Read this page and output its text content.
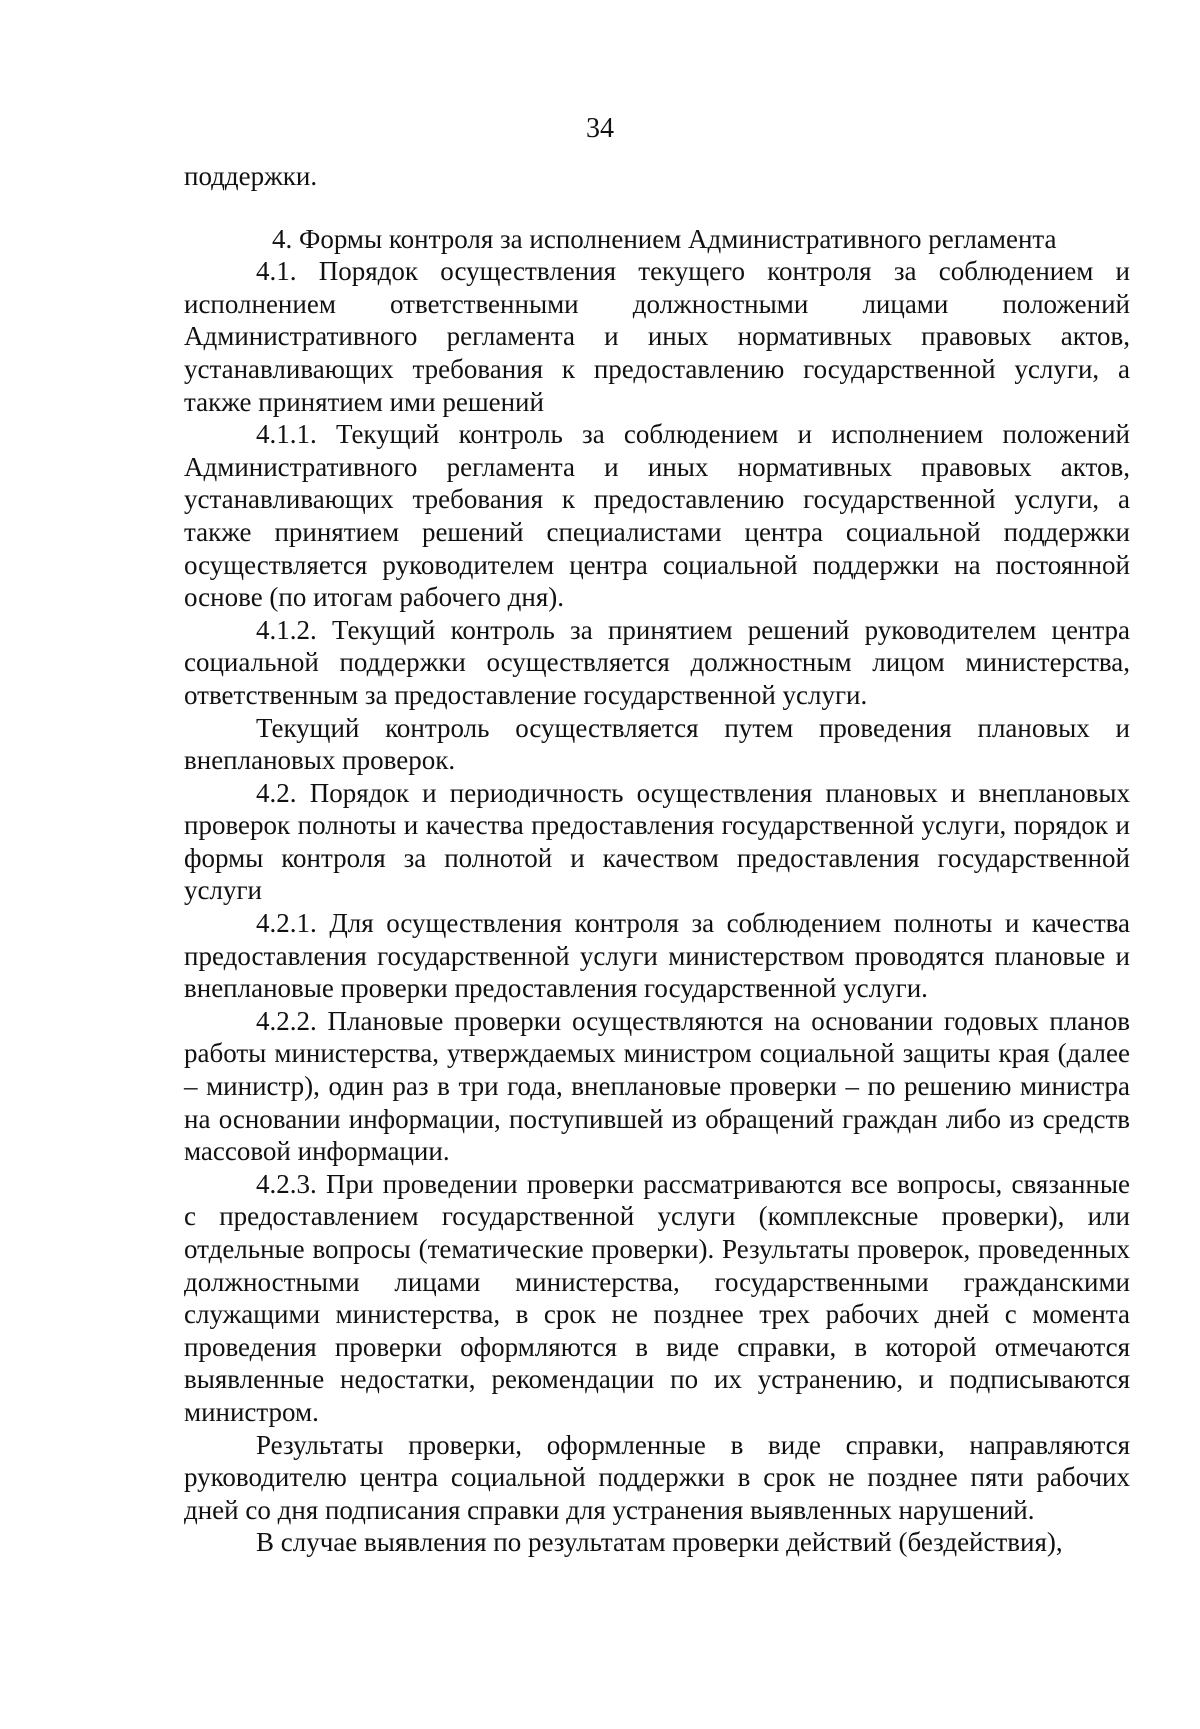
34

поддержки.

4. Формы контроля за исполнением Административного регламента

4.1. Порядок осуществления текущего контроля за соблюдением и исполнением ответственными должностными лицами положений Административного регламента и иных нормативных правовых актов, устанавливающих требования к предоставлению государственной услуги, а также принятием ими решений

4.1.1. Текущий контроль за соблюдением и исполнением положений Административного регламента и иных нормативных правовых актов, устанавливающих требования к предоставлению государственной услуги, а также принятием решений специалистами центра социальной поддержки осуществляется руководителем центра социальной поддержки на постоянной основе (по итогам рабочего дня).

4.1.2. Текущий контроль за принятием решений руководителем центра социальной поддержки осуществляется должностным лицом министерства, ответственным за предоставление государственной услуги.

Текущий контроль осуществляется путем проведения плановых и внеплановых проверок.

4.2. Порядок и периодичность осуществления плановых и внеплановых проверок полноты и качества предоставления государственной услуги, порядок и формы контроля за полнотой и качеством предоставления государственной услуги

4.2.1. Для осуществления контроля за соблюдением полноты и качества предоставления государственной услуги министерством проводятся плановые и внеплановые проверки предоставления государственной услуги.

4.2.2. Плановые проверки осуществляются на основании годовых планов работы министерства, утверждаемых министром социальной защиты края (далее – министр), один раз в три года, внеплановые проверки – по решению министра на основании информации, поступившей из обращений граждан либо из средств массовой информации.

4.2.3. При проведении проверки рассматриваются все вопросы, связанные с предоставлением государственной услуги (комплексные проверки), или отдельные вопросы (тематические проверки). Результаты проверок, проведенных должностными лицами министерства, государственными гражданскими служащими министерства, в срок не позднее трех рабочих дней с момента проведения проверки оформляются в виде справки, в которой отмечаются выявленные недостатки, рекомендации по их устранению, и подписываются министром.

Результаты проверки, оформленные в виде справки, направляются руководителю центра социальной поддержки в срок не позднее пяти рабочих дней со дня подписания справки для устранения выявленных нарушений.

В случае выявления по результатам проверки действий (бездействия),
